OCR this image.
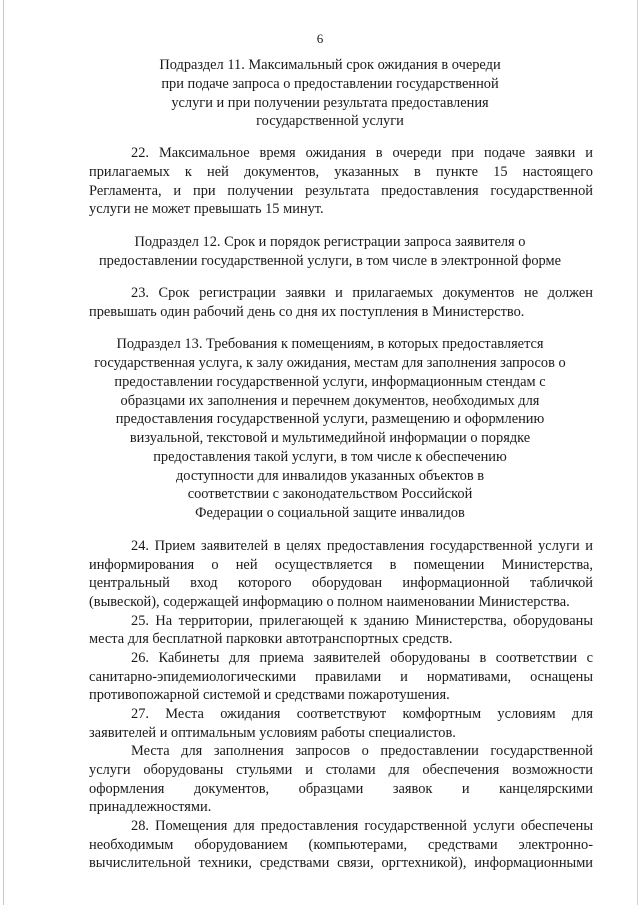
6
Подраздел 11. Максимальный срок ожидания в очереди
при подаче запроса о предоставлении государственной
услуги и при получении результата предоставления
государственной услуги
22. Максимальное время ожидания в очереди при подаче заявки и
прилагаемых к ней документов, указанных в пункте 15 настоящего
Регламента, и при получении результата предоставления государственной
услуги не может превышать 15 минут.
Подраздел 12. Срок и порядок регистрации запроса заявителя о
предоставлении государственной услуги, в том числе в электронной форме
23. Срок регистрации заявки и прилагаемых документов не должен
превышать один рабочий день со дня их поступления в Министерство.
Подраздел 13. Требования к помещениям, в которых предоставляется
государственная услуга, к залу ожидания, местам для заполнения запросов о
предоставлении государственной услуги, информационным стендам с
образцами их заполнения и перечнем документов, необходимых для
предоставления государственной услуги, размещению и оформлению
визуальной, текстовой и мультимедийной информации о порядке
предоставления такой услуги, в том числе к обеспечению
доступности для инвалидов указанных объектов в
соответствии с законодательством Российской
Федерации о социальной защите инвалидов
24. Прием заявителей в целях предоставления государственной услуги и
информирования о ней осуществляется в помещении Министерства,
центральный вход которого оборудован информационной табличкой
(вывеской), содержащей информацию о полном наименовании Министерства.
25. На территории, прилегающей к зданию Министерства, оборудованы
места для бесплатной парковки автотранспортных средств.
26. Кабинеты для приема заявителей оборудованы в соответствии с
санитарно-эпидемиологическими правилами и нормативами, оснащены
противопожарной системой и средствами пожаротушения.
27. Места ожидания соответствуют комфортным условиям для
заявителей и оптимальным условиям работы специалистов.
Места для заполнения запросов о предоставлении государственной
услуги оборудованы стульями и столами для обеспечения возможности
оформления документов, образцами заявок и канцелярскими
принадлежностями.
28. Помещения для предоставления государственной услуги обеспечены
необходимым оборудованием (компьютерами, средствами электронно-
вычислительной техники, средствами связи, оргтехникой), информационными
